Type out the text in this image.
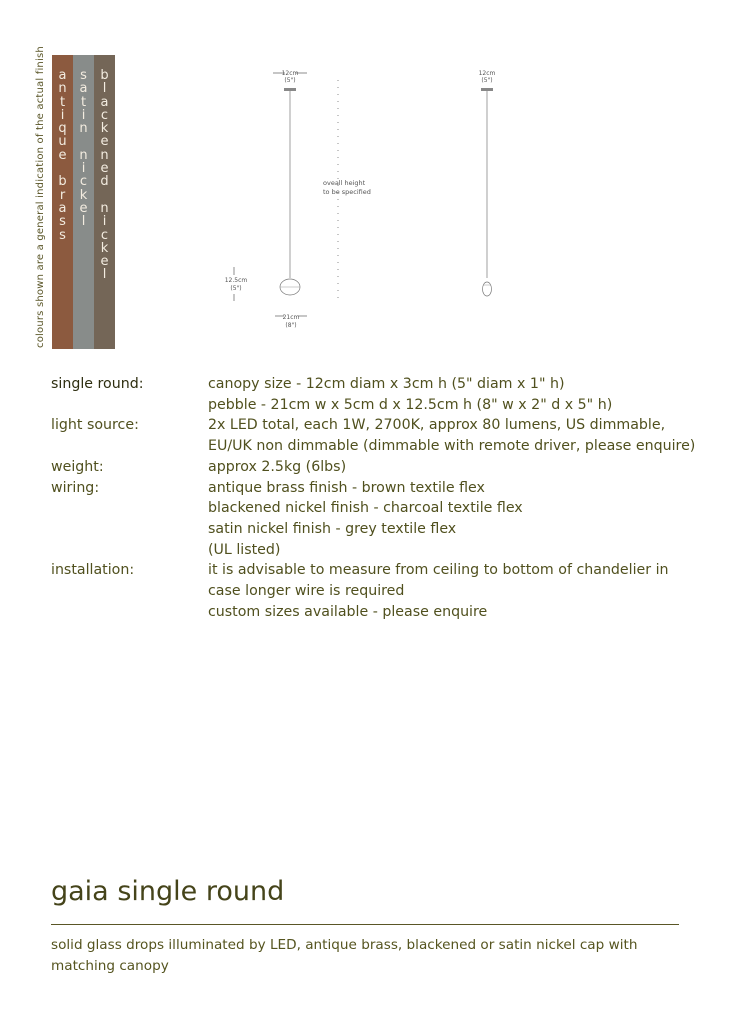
colours shown are a general indication of the actual finish a
n
t
i
q
u
e

b
r
a
s
s
s
a
t
i
n

n
i
c
k
e
l
b
l
a
c
k
e
n
e
d

n
i
c
k
e
l
12cm
(5")
oveall height
to be specified
12.5cm
(5")
21cm
(8")
12cm
(5")
single round:	canopy size - 12cm diam x 3cm h (5" diam x 1" h)
pebble - 21cm w x 5cm d x 12.5cm h (8" w x 2" d x 5" h)
light source:	2x LED total, each 1W, 2700K, approx 80 lumens, US dimmable,
EU/UK non dimmable (dimmable with remote driver, please enquire)
weight:	approx 2.5kg (6lbs)
wiring:	antique brass finish - brown textile flex
blackened nickel finish - charcoal textile flex
satin nickel finish - grey textile flex
(UL listed)
installation:	it is advisable to measure from ceiling to bottom of chandelier in
case longer wire is required
custom sizes available - please enquire
gaia single round

solid glass drops illuminated by LED, antique brass, blackened or satin nickel cap with matching canopy
